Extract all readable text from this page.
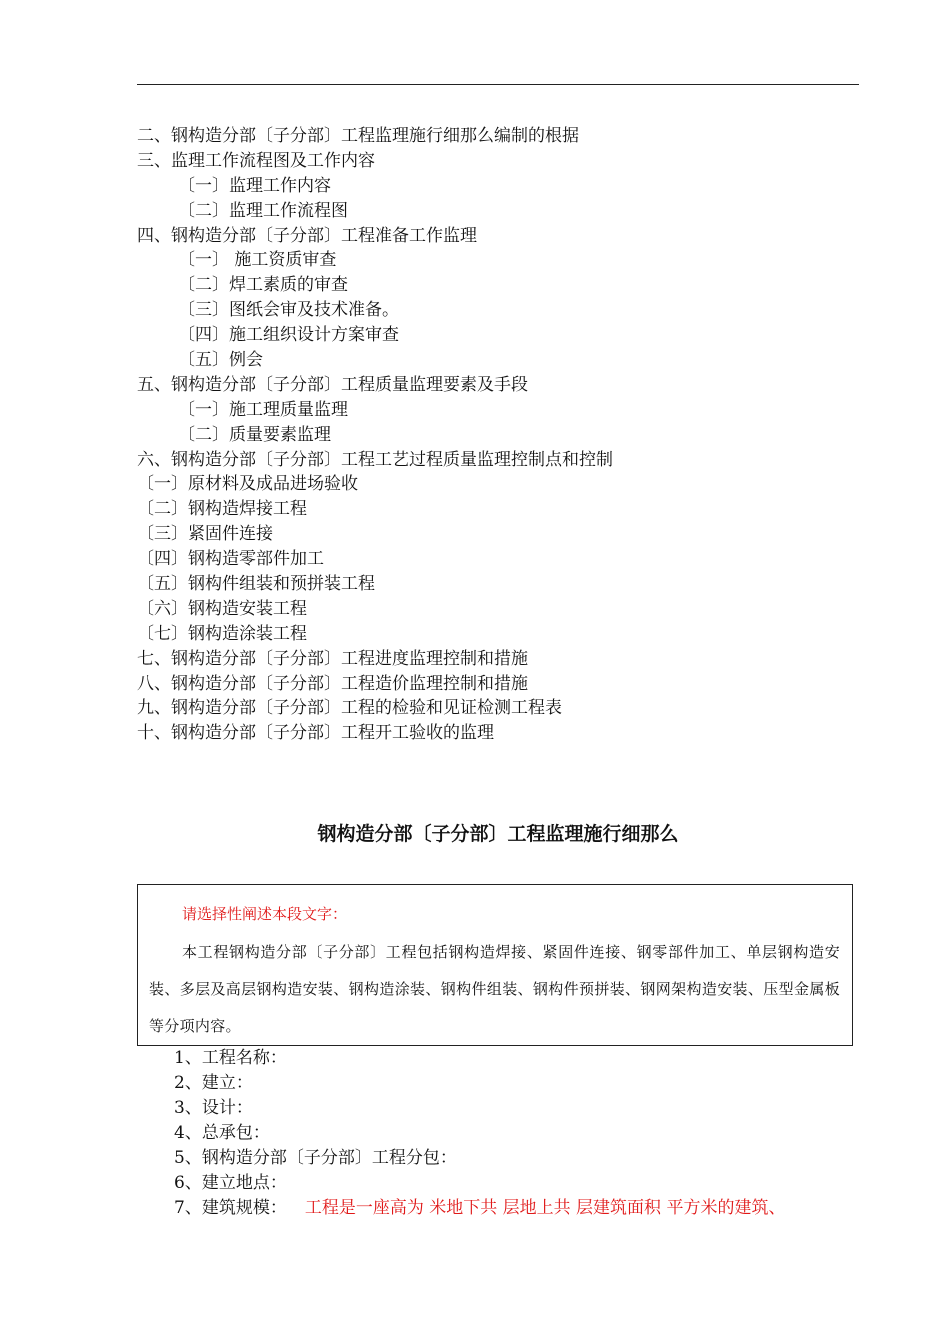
二、钢构造分部〔子分部〕工程监理施行细那么编制的根据
三、监理工作流程图及工作内容
〔一〕监理工作内容
〔二〕监理工作流程图
四、钢构造分部〔子分部〕工程准备工作监理
〔一〕 施工资质审查
〔二〕焊工素质的审查
〔三〕图纸会审及技术准备。
〔四〕施工组织设计方案审查
〔五〕例会
五、钢构造分部〔子分部〕工程质量监理要素及手段
〔一〕施工理质量监理
〔二〕质量要素监理
六、钢构造分部〔子分部〕工程工艺过程质量监理控制点和控制
〔一〕原材料及成品进场验收
〔二〕钢构造焊接工程
〔三〕紧固件连接
〔四〕钢构造零部件加工
〔五〕钢构件组装和预拼装工程
〔六〕钢构造安装工程
〔七〕钢构造涂装工程
七、钢构造分部〔子分部〕工程进度监理控制和措施
八、钢构造分部〔子分部〕工程造价监理控制和措施
九、钢构造分部〔子分部〕工程的检验和见证检测工程表
十、钢构造分部〔子分部〕工程开工验收的监理
钢构造分部〔子分部〕工程监理施行细那么
请选择性阐述本段文字：
本工程钢构造分部〔子分部〕工程包括钢构造焊接、紧固件连接、钢零部件加工、单层钢构造安装、多层及高层钢构造安装、钢构造涂装、钢构件组装、钢构件预拼装、钢网架构造安装、压型金属板等分项内容。
1、工程名称：
2、建立：
3、设计：
4、总承包：
5、钢构造分部〔子分部〕工程分包：
6、建立地点：
7、建筑规模： 工程是一座高为 米地下共 层地上共 层建筑面积 平方米的建筑、
